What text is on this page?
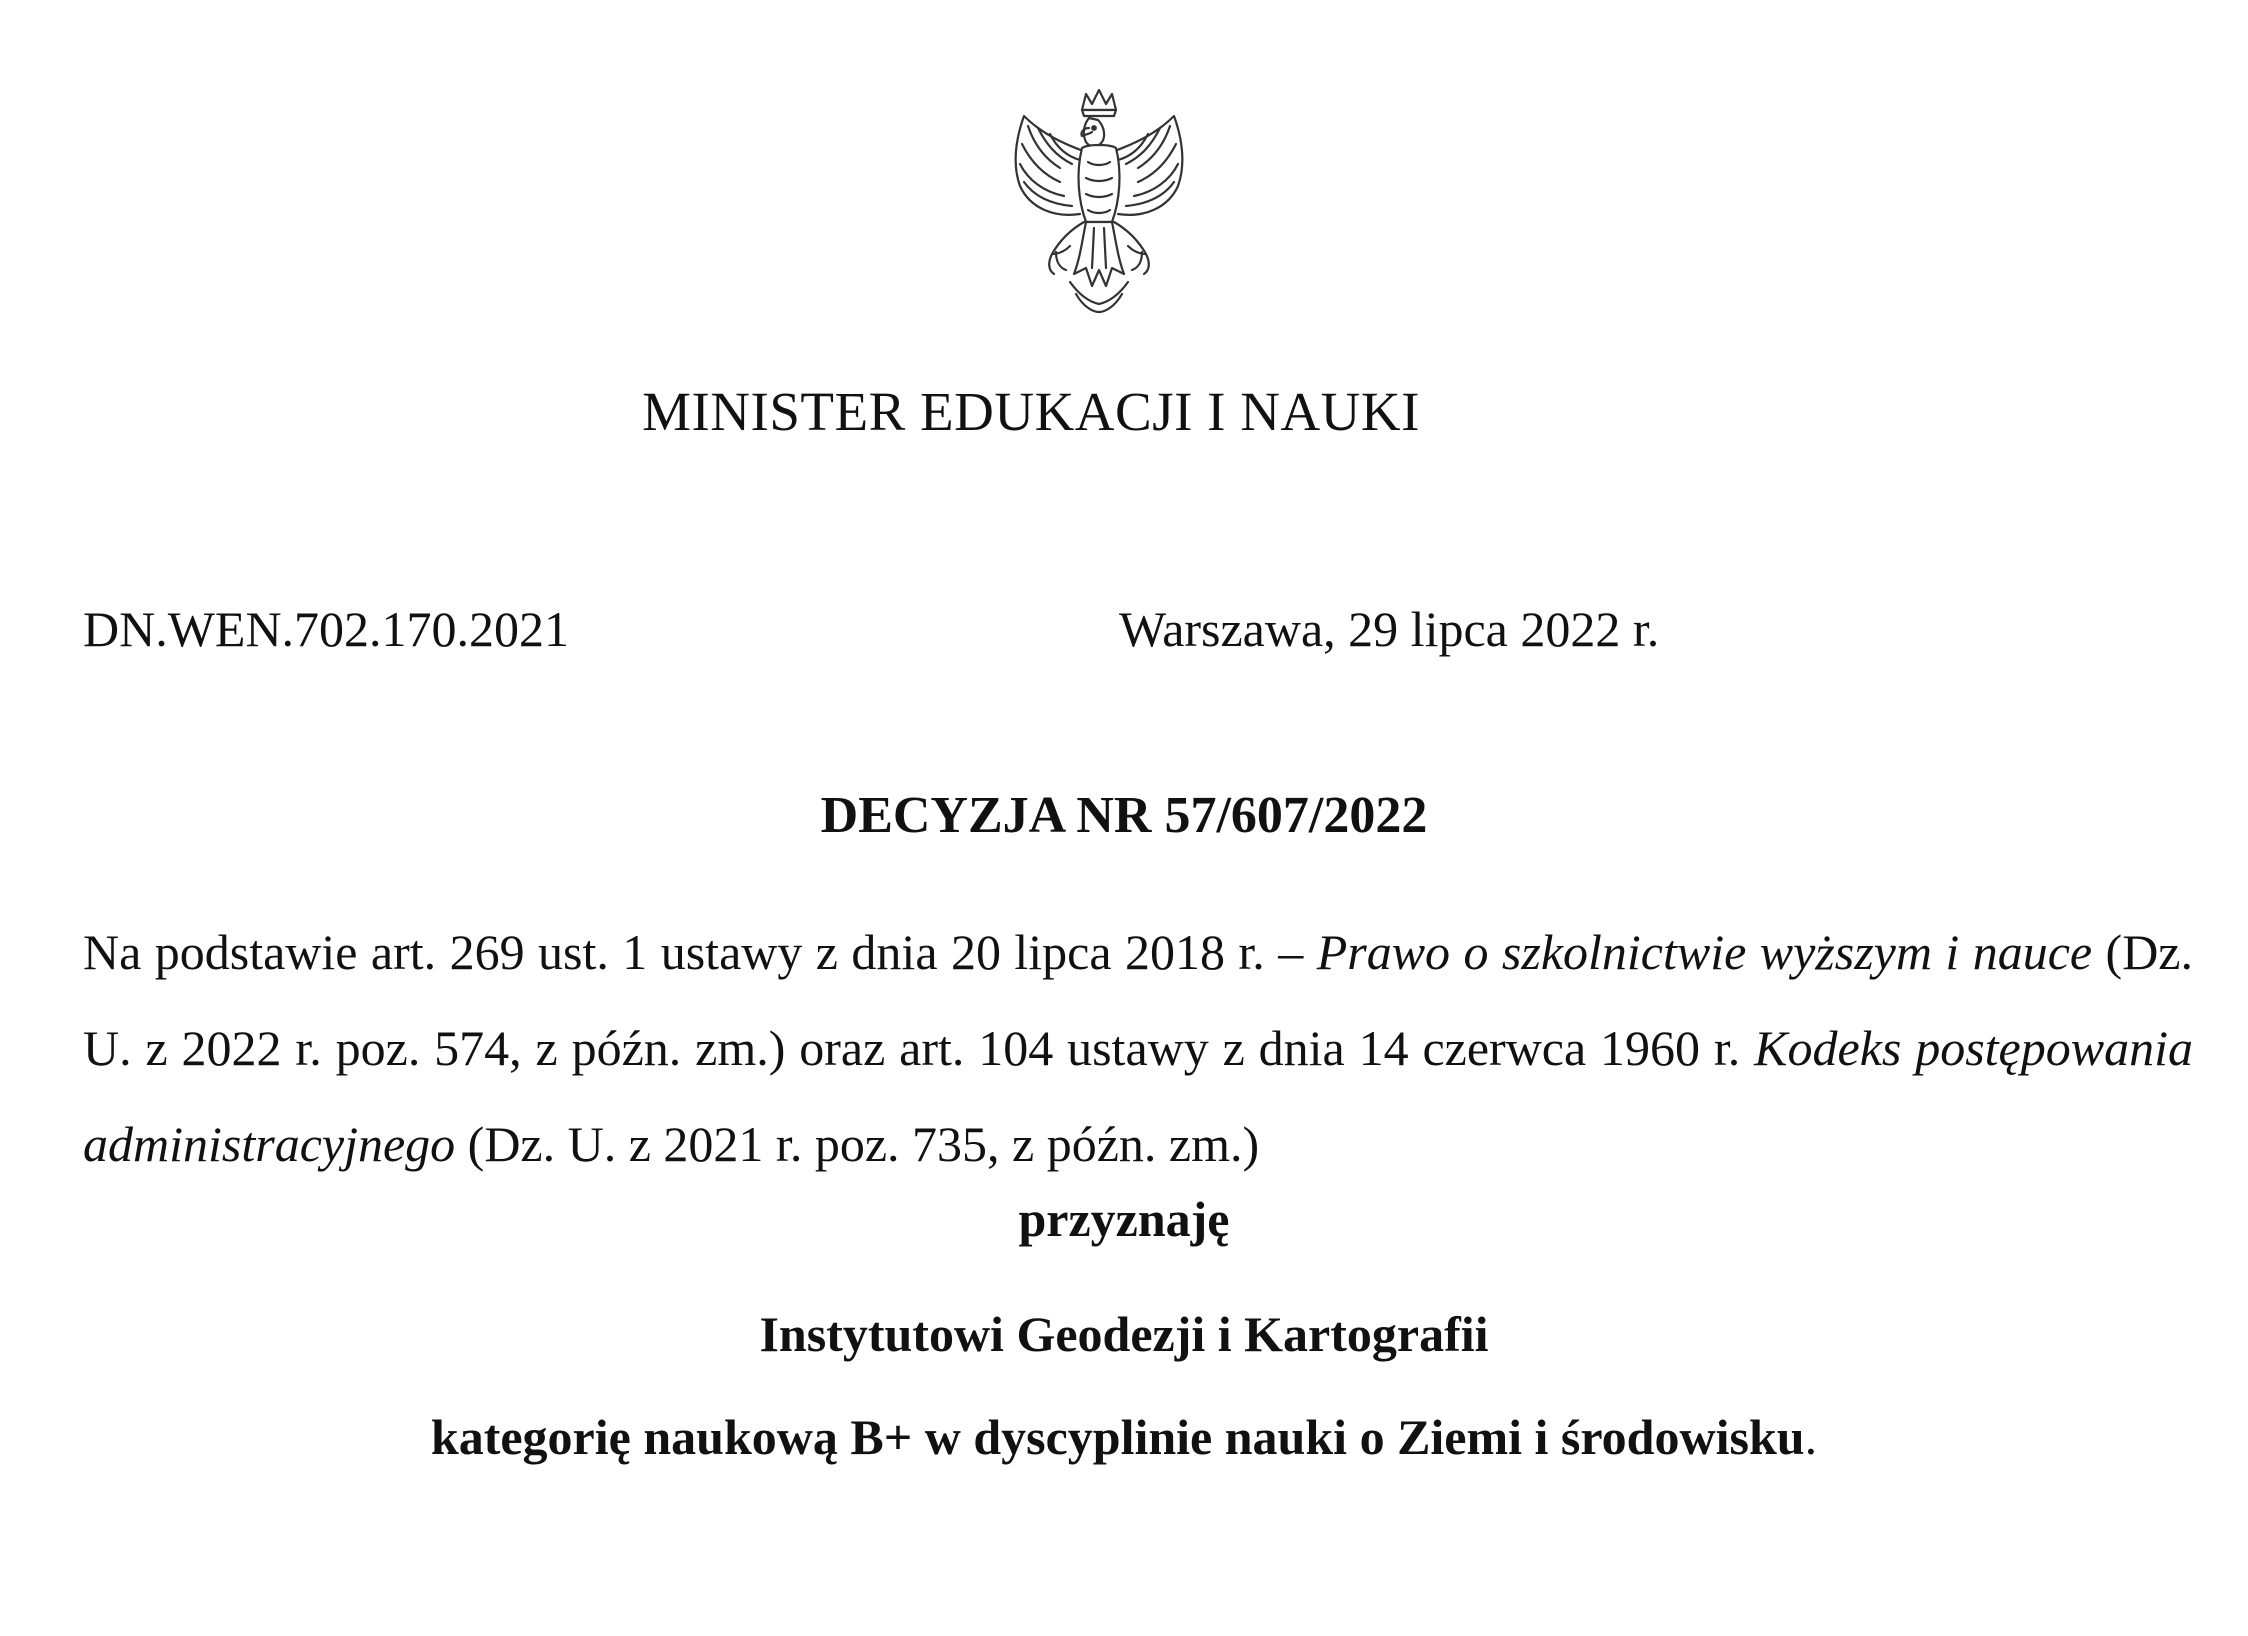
MINISTER EDUKACJI I NAUKI
DN.WEN.702.170.2021	Warszawa, 29 lipca 2022 r.
DECYZJA NR 57/607/2022
Na podstawie art. 269 ust. 1 ustawy z dnia 20 lipca 2018 r. – Prawo o szkolnictwie wyższym i nauce (Dz. U. z 2022 r. poz. 574, z późn. zm.) oraz art. 104 ustawy z dnia 14 czerwca 1960 r. Kodeks postępowania administracyjnego (Dz. U. z 2021 r. poz. 735, z późn. zm.)
przyznaję
Instytutowi Geodezji i Kartografii
kategorię naukową B+ w dyscyplinie nauki o Ziemi i środowisku.
